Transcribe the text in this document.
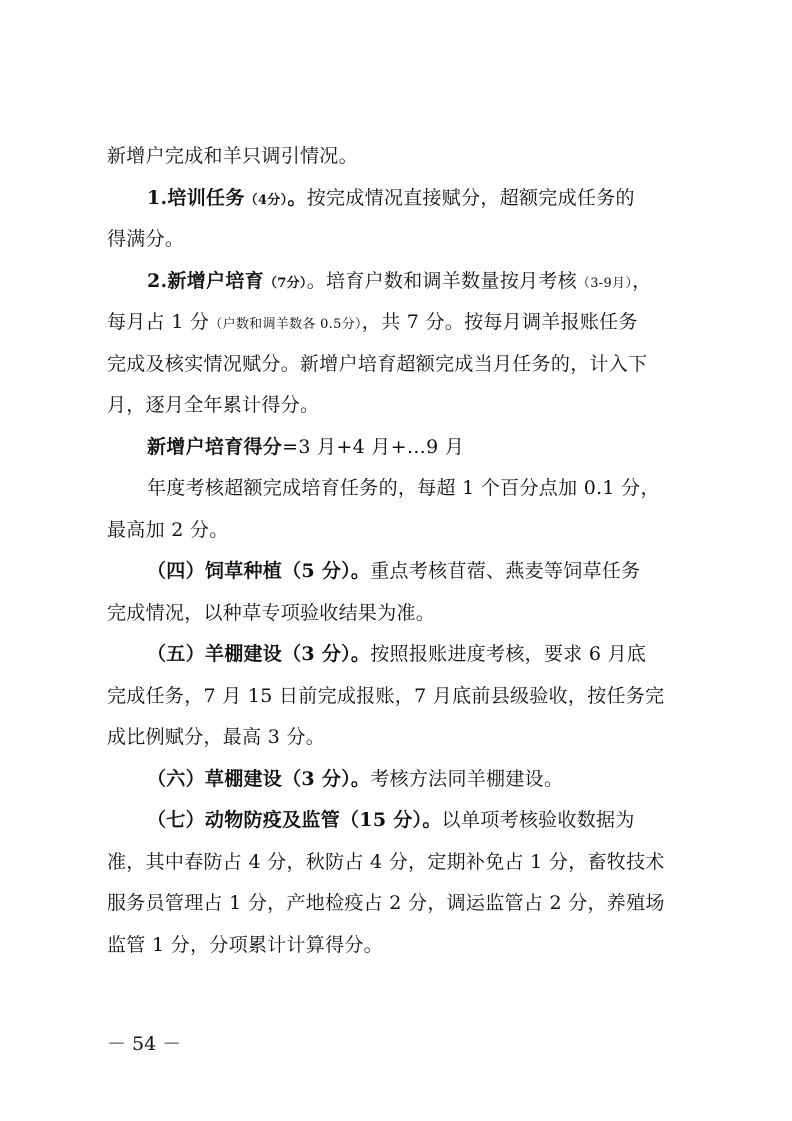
新增户完成和羊只调引情况。
1.培训任务（4分）。按完成情况直接赋分，超额完成任务的
得满分。
2.新增户培育（7分）。培育户数和调羊数量按月考核（3-9月），
每月占 1 分（户数和调羊数各 0.5分），共 7 分。按每月调羊报账任务
完成及核实情况赋分。新增户培育超额完成当月任务的，计入下
月，逐月全年累计得分。
新增户培育得分=3 月+4 月+…9 月
年度考核超额完成培育任务的，每超 1 个百分点加 0.1 分，
最高加 2 分。
（四）饲草种植（5 分）。重点考核苜蓿、燕麦等饲草任务
完成情况，以种草专项验收结果为准。
（五）羊棚建设（3 分）。按照报账进度考核，要求 6 月底
完成任务，7 月 15 日前完成报账，7 月底前县级验收，按任务完
成比例赋分，最高 3 分。
（六）草棚建设（3 分）。考核方法同羊棚建设。
（七）动物防疫及监管（15 分）。以单项考核验收数据为
准，其中春防占 4 分，秋防占 4 分，定期补免占 1 分，畜牧技术
服务员管理占 1 分，产地检疫占 2 分，调运监管占 2 分，养殖场
监管 1 分，分项累计计算得分。
－ 54 －
